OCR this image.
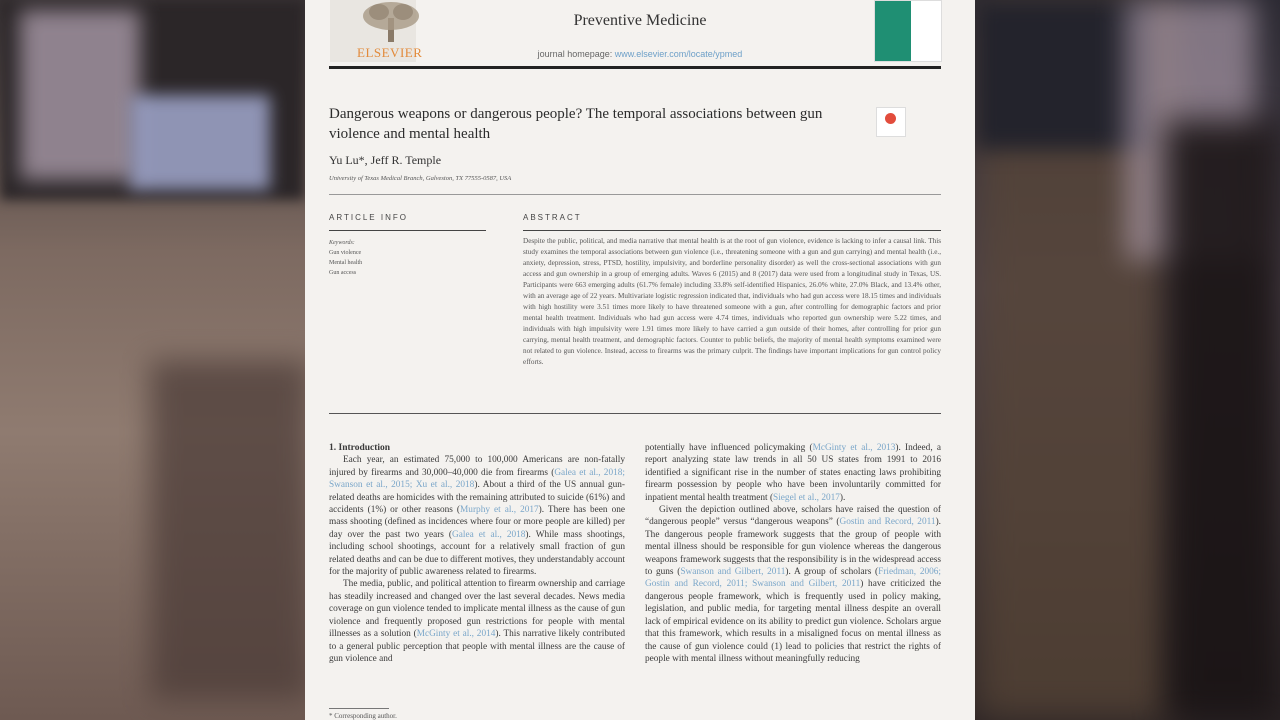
ELSEVIER
Preventive Medicine
journal homepage: www.elsevier.com/locate/ypmed
Dangerous weapons or dangerous people? The temporal associations between gun violence and mental health
Yu Lu*, Jeff R. Temple
University of Texas Medical Branch, Galveston, TX 77555-0587, USA
ARTICLE INFO
Keywords:
Gun violence
Mental health
Gun access
ABSTRACT
Despite the public, political, and media narrative that mental health is at the root of gun violence, evidence is lacking to infer a causal link. This study examines the temporal associations between gun violence (i.e., threatening someone with a gun and gun carrying) and mental health (i.e., anxiety, depression, stress, PTSD, hostility, impulsivity, and borderline personality disorder) as well the cross-sectional associations with gun access and gun ownership in a group of emerging adults. Waves 6 (2015) and 8 (2017) data were used from a longitudinal study in Texas, US. Participants were 663 emerging adults (61.7% female) including 33.8% self-identified Hispanics, 26.0% white, 27.0% Black, and 13.4% other, with an average age of 22 years. Multivariate logistic regression indicated that, individuals who had gun access were 18.15 times and individuals with high hostility were 3.51 times more likely to have threatened someone with a gun, after controlling for demographic factors and prior mental health treatment. Individuals who had gun access were 4.74 times, individuals who reported gun ownership were 5.22 times, and individuals with high impulsivity were 1.91 times more likely to have carried a gun outside of their homes, after controlling for prior gun carrying, mental health treatment, and demographic factors. Counter to public beliefs, the majority of mental health symptoms examined were not related to gun violence. Instead, access to firearms was the primary culprit. The findings have important implications for gun control policy efforts.

1. Introduction

Each year, an estimated 75,000 to 100,000 Americans are non-fatally injured by firearms and 30,000–40,000 die from firearms (Galea et al., 2018; Swanson et al., 2015; Xu et al., 2018). About a third of the US annual gun-related deaths are homicides with the remaining attributed to suicide (61%) and accidents (1%) or other reasons (Murphy et al., 2017). There has been one mass shooting (defined as incidences where four or more people are killed) per day over the past two years (Galea et al., 2018). While mass shootings, including school shootings, account for a relatively small fraction of gun related deaths and can be due to different motives, they understandably account for the majority of public awareness related to firearms.

The media, public, and political attention to firearm ownership and carriage has steadily increased and changed over the last several decades. News media coverage on gun violence tended to implicate mental illness as the cause of gun violence and frequently proposed gun restrictions for people with mental illnesses as a solution (McGinty et al., 2014). This narrative likely contributed to a general public perception that people with mental illness are the cause of gun violence and

potentially have influenced policymaking (McGinty et al., 2013). Indeed, a report analyzing state law trends in all 50 US states from 1991 to 2016 identified a significant rise in the number of states enacting laws prohibiting firearm possession by people who have been involuntarily committed for inpatient mental health treatment (Siegel et al., 2017).

Given the depiction outlined above, scholars have raised the question of “dangerous people” versus “dangerous weapons” (Gostin and Record, 2011). The dangerous people framework suggests that the group of people with mental illness should be responsible for gun violence whereas the dangerous weapons framework suggests that the responsibility is in the widespread access to guns (Swanson and Gilbert, 2011). A group of scholars (Friedman, 2006; Gostin and Record, 2011; Swanson and Gilbert, 2011) have criticized the dangerous people framework, which is frequently used in policy making, legislation, and public media, for targeting mental illness despite an overall lack of empirical evidence on its ability to predict gun violence. Scholars argue that this framework, which results in a misaligned focus on mental illness as the cause of gun violence could (1) lead to policies that restrict the rights of people with mental illness without meaningfully reducing

* Corresponding author.
